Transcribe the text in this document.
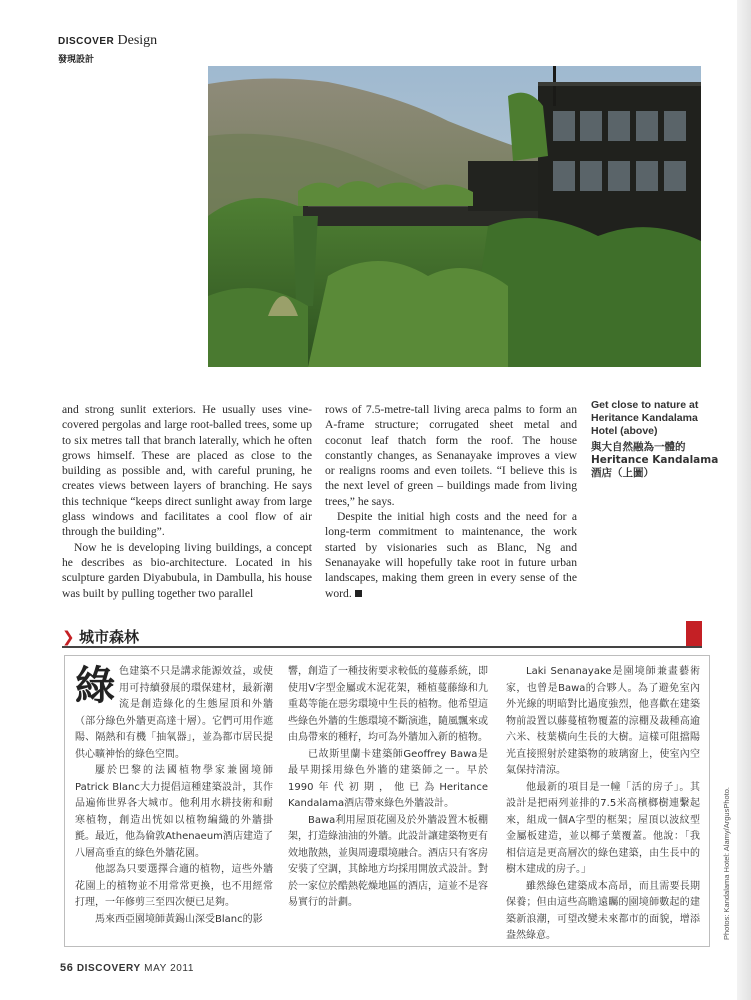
DISCOVER Design
發現設計
Get close to nature at Heritance Kandalama Hotel (above)
與大自然融為一體的Heritance Kandalama酒店（上圖）

and strong sunlit exteriors. He usually uses vine-covered pergolas and large root-balled trees, some up to six metres tall that branch laterally, which he often grows himself. These are placed as close to the building as possible and, with careful pruning, he creates views between layers of branching. He says this technique “keeps direct sunlight away from large glass windows and facilitates a cool flow of air through the building”.

Now he is developing living buildings, a concept he describes as bio-architecture. Located in his sculpture garden Diyabubula, in Dambulla, his house was built by pulling together two parallel

rows of 7.5-metre-tall living areca palms to form an A-frame structure; corrugated sheet metal and coconut leaf thatch form the roof. The house constantly changes, as Senanayake improves a view or realigns rooms and even toilets. “I believe this is the next level of green – buildings made from living trees,” he says.

Despite the initial high costs and the need for a long-term commitment to maintenance, the work started by visionaries such as Blanc, Ng and Senanayake will hopefully take root in future urban landscapes, making them green in every sense of the word.

❯ 城市森林

綠色建築不只是講求能源效益，或使用可持續發展的環保建材，最新潮流是創造綠化的生態屋頂和外牆（部分綠色外牆更高達十層）。它們可用作遮陽、隔熱和有機「抽氧器」，並為都市居民提供心曠神怡的綠色空間。

屢於巴黎的法國植物學家兼園境師Patrick Blanc大力提倡這種建築設計，其作品遍佈世界各大城市。他利用水耕技術和耐寒植物，創造出恍如以植物編織的外牆掛氈。最近，他為倫敦Athenaeum酒店建造了八層高垂直的綠色外牆花園。

他認為只要選擇合適的植物，這些外牆花園上的植物並不用常常更換，也不用經常打理，一年修剪三至四次便已足夠。

馬來西亞園境師黃錫山深受Blanc的影

響，創造了一種技術要求較低的蔓藤系統，即使用V字型金屬或木泥花架，種植蔓藤綠和九重葛等能在惡劣環境中生長的植物。他希望這些綠色外牆的生態環境不斷演進，隨風飄來或由鳥帶來的種籽，均可為外牆加入新的植物。

已故斯里蘭卡建築師Geoffrey Bawa是最早期採用綠色外牆的建築師之一。早於1990年代初期，他已為Heritance Kandalama酒店帶來綠色外牆設計。

Bawa利用屋頂花園及於外牆設置木板棚架，打造綠油油的外牆。此設計讓建築物更有效地散熱，並與周邊環境融合。酒店只有客房安裝了空調，其餘地方均採用開放式設計。對於一家位於酷熱乾燥地區的酒店，這並不是容易實行的計劃。

Laki Senanayake是園境師兼畫藝術家，也曾是Bawa的合夥人。為了避免室內外光線的明暗對比過度強烈，他喜歡在建築物前設置以藤蔓植物覆蓋的涼棚及裁種高逾六米、枝葉橫向生長的大樹。這樣可阻擋陽光直接照射於建築物的玻璃窗上，使室內空氣保持清涼。

他最新的項目是一幢「活的房子」。其設計是把兩列並排的7.5米高檳榔樹連繫起來，組成一個A字型的框架；屋頂以波紋型金屬板建造，並以椰子葉覆蓋。他說：「我相信這是更高層次的綠色建築，由生長中的樹木建成的房子。」

雖然綠色建築成本高昂，而且需要長期保養；但由這些高瞻遠矚的園境師數起的建築新浪潮，可望改變未來都市的面貌，增添盎然綠意。

56 DISCOVERY MAY 2011
Photos: Kandalama Hotel: Alamy/ArgusPhoto.
